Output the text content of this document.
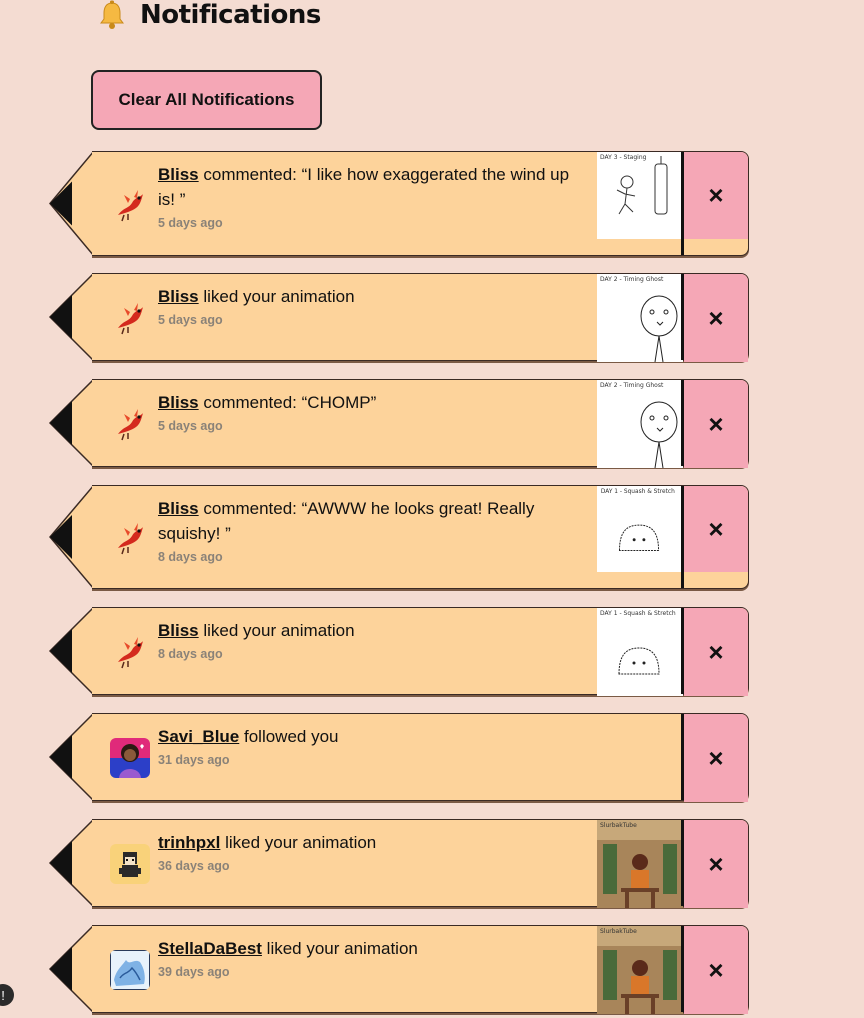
Notifications
Clear All Notifications
Bliss commented: “I like how exaggerated the wind up is! ”
5 days ago
DAY 3 - Staging
×
Bliss liked your animation
5 days ago
DAY 2 - Timing Ghost
×
Bliss commented: “CHOMP”
5 days ago
DAY 2 - Timing Ghost
×
Bliss commented: “AWWW he looks great! Really squishy! ”
8 days ago
DAY 1 - Squash & Stretch
×
Bliss liked your animation
8 days ago
DAY 1 - Squash & Stretch
×
Savi_Blue followed you
31 days ago	×
trinhpxl liked your animation
36 days ago
SlurbakTube
×
StellaDaBest liked your animation
39 days ago
SlurbakTube
×
!
